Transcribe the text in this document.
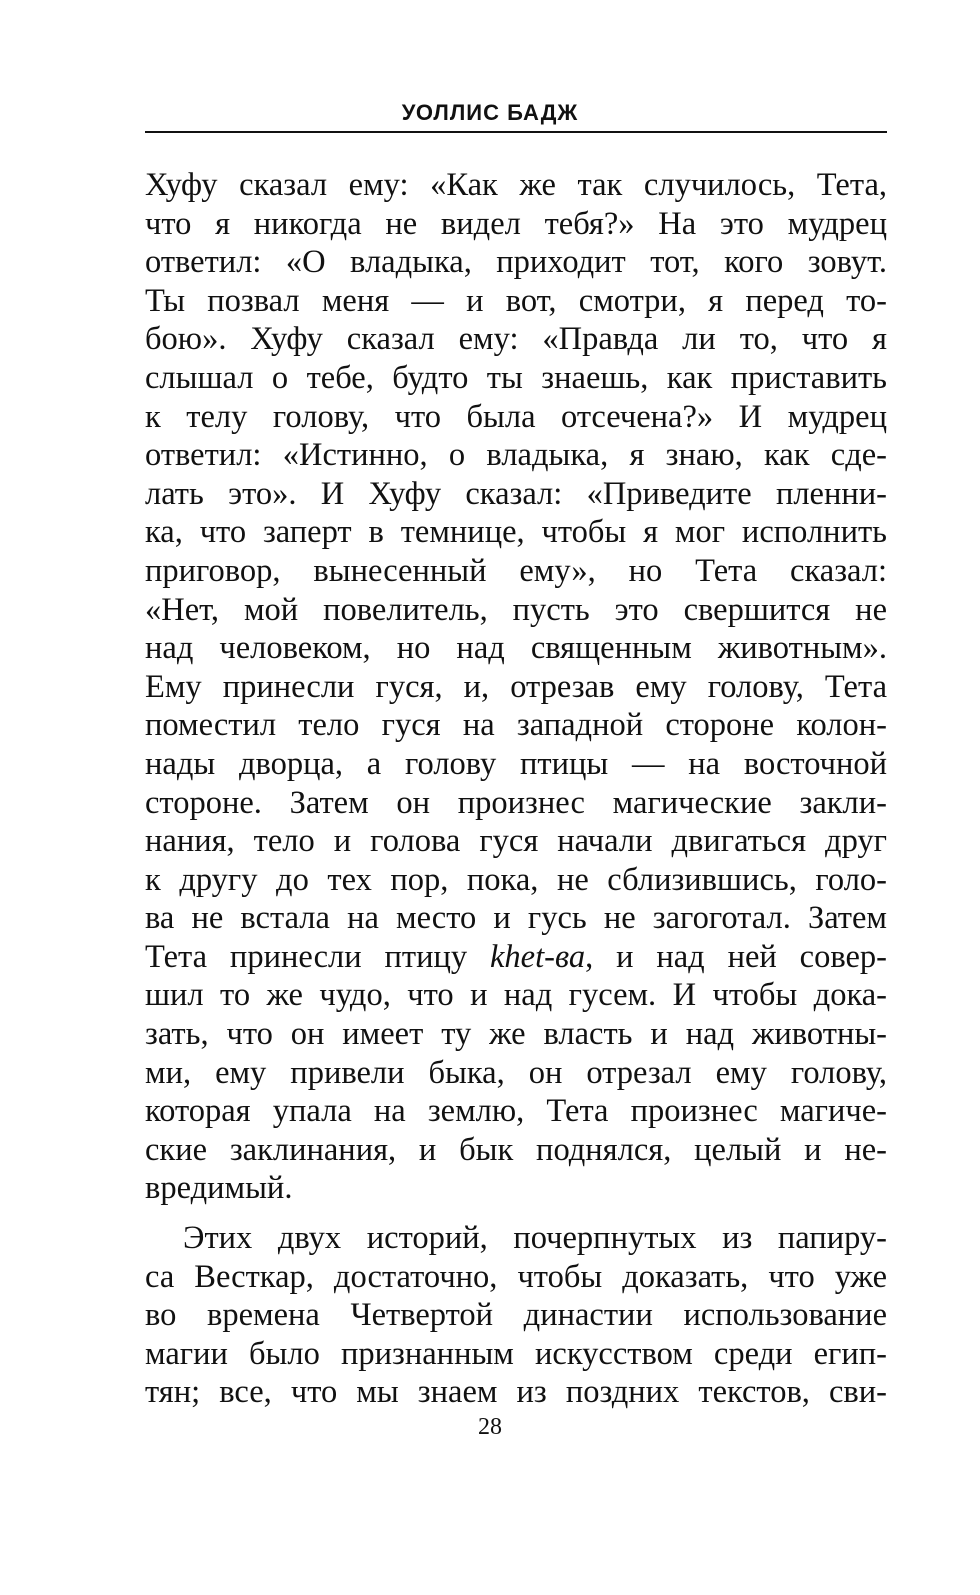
УОЛЛИС БАДЖ
Хуфу сказал ему: «Как же так случилось, Тета,
что я никогда не видел тебя?» На это мудрец
ответил: «О владыка, приходит тот, кого зовут.
Ты позвал меня — и вот, смотри, я перед то-
бою». Хуфу сказал ему: «Правда ли то, что я
слышал о тебе, будто ты знаешь, как приставить
к телу голову, что была отсечена?» И мудрец
ответил: «Истинно, о владыка, я знаю, как сде-
лать это». И Хуфу сказал: «Приведите пленни-
ка, что заперт в темнице, чтобы я мог исполнить
приговор, вынесенный ему», но Тета сказал:
«Нет, мой повелитель, пусть это свершится не
над человеком, но над священным животным».
Ему принесли гуся, и, отрезав ему голову, Тета
поместил тело гуся на западной стороне колон-
нады дворца, а голову птицы — на восточной
стороне. Затем он произнес магические закли-
нания, тело и голова гуся начали двигаться друг
к другу до тех пор, пока, не сблизившись, голо-
ва не встала на место и гусь не загоготал. Затем
Тета принесли птицу khet-ва, и над ней совер-
шил то же чудо, что и над гусем. И чтобы дока-
зать, что он имеет ту же власть и над животны-
ми, ему привели быка, он отрезал ему голову,
которая упала на землю, Тета произнес магиче-
ские заклинания, и бык поднялся, целый и не-
вредимый.
Этих двух историй, почерпнутых из папиру-
са Весткар, достаточно, чтобы доказать, что уже
во времена Четвертой династии использование
магии было признанным искусством среди егип-
тян; все, что мы знаем из поздних текстов, сви-
28
